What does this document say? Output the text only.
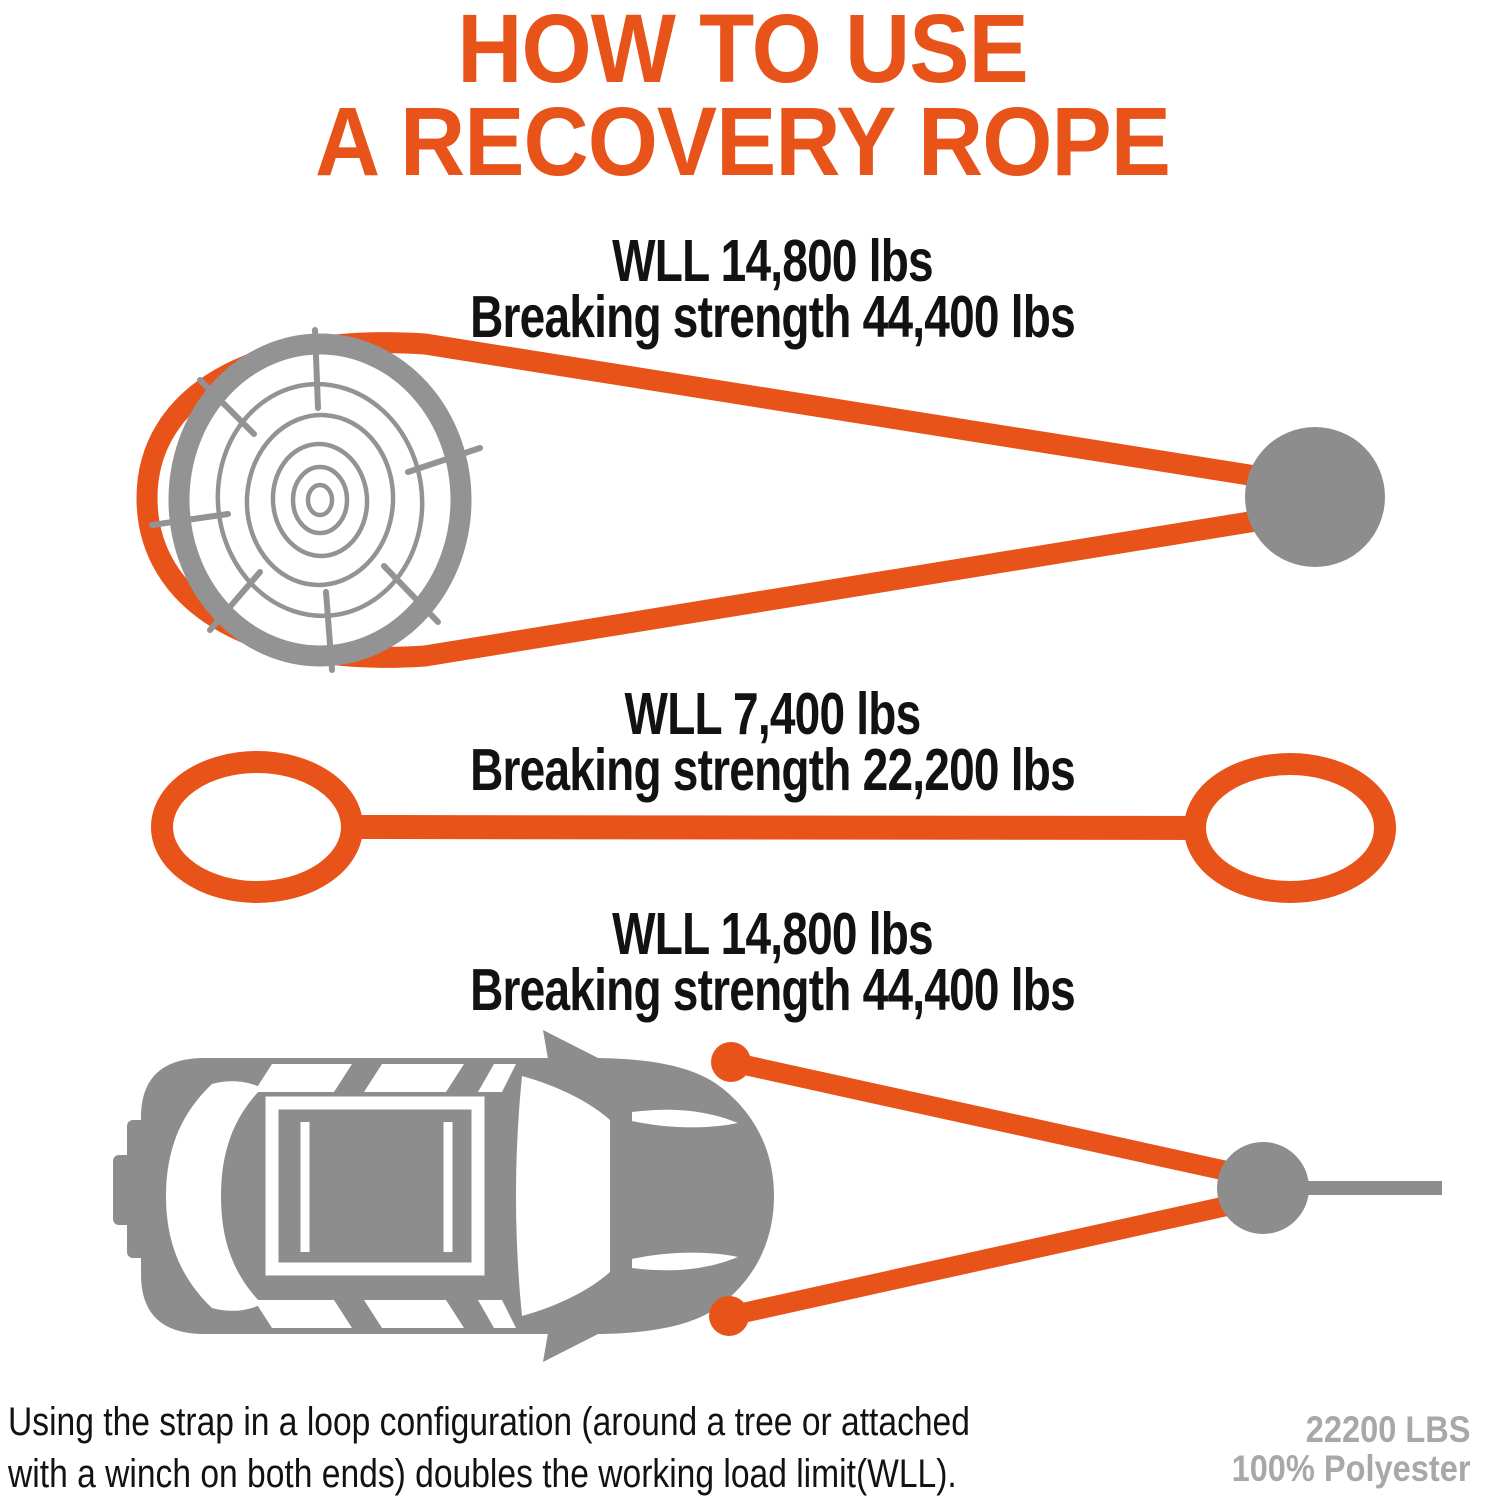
HOW TO USE
A RECOVERY ROPE
WLL 14,800 lbs
Breaking strength 44,400 lbs
WLL 7,400 lbs
Breaking strength 22,200 lbs
WLL 14,800 lbs
Breaking strength 44,400 lbs
Using the strap in a loop configuration (around a tree or attached
with a winch on both ends) doubles the working load limit(WLL).
22200 LBS
100% Polyester
